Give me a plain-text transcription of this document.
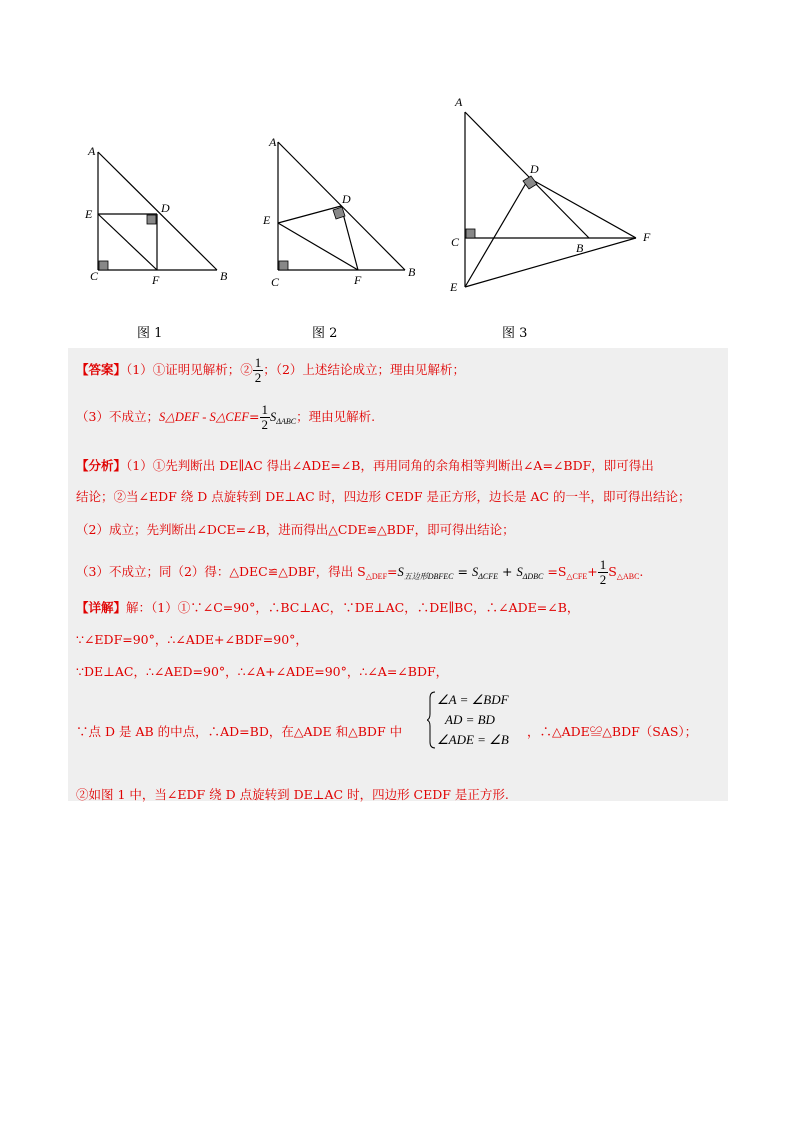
A
E	D
C	F	B
A
E
D
C	F
B
A
D
C	B
F
E
图 1	图 2	图 3
【答案】（1）①证明见解析；② $\frac{1}{2}$ ；（2）上述结论成立；理由见解析；
（3）不成立；S△DEF - S△CEF= $\frac{1}{2} S_{\Delta ABC}$；理由见解析.
【分析】（1）①先判断出 DE∥AC 得出∠ADE=∠B，再用同角的余角相等判断出∠A=∠BDF，即可得出
结论；②当∠EDF 绕 D 点旋转到 DE⊥AC 时，四边形 CEDF 是正方形，边长是 AC 的一半，即可得出结论；
（2）成立；先判断出∠DCE=∠B，进而得出△CDE≌△BDF，即可得出结论；
（3）不成立；同（2）得：△DEC≌△DBF，得出 $S_{\triangle DEF}=S_{五边形DBFEC} = S_{\Delta CFE} + S_{\Delta DBC} =S_{\triangle CFE}+ \frac{1}{2} S_{\triangle ABC}$.
【详解】解：（1）①∵∠C=90°，∴BC⊥AC，∵DE⊥AC，∴DE∥BC，∴∠ADE=∠B，
∵∠EDF=90°，∴∠ADE+∠BDF=90°，
∵DE⊥AC，∴∠AED=90°，∴∠A+∠ADE=90°，∴∠A=∠BDF，
∵点 D 是 AB 的中点，∴AD=BD，在△ADE 和△BDF 中
∠A = ∠BDF
AD = BD
∠ADE = ∠B
，∴△ADE≌△BDF（SAS）；
②如图 1 中，当∠EDF 绕 D 点旋转到 DE⊥AC 时，四边形 CEDF 是正方形.
